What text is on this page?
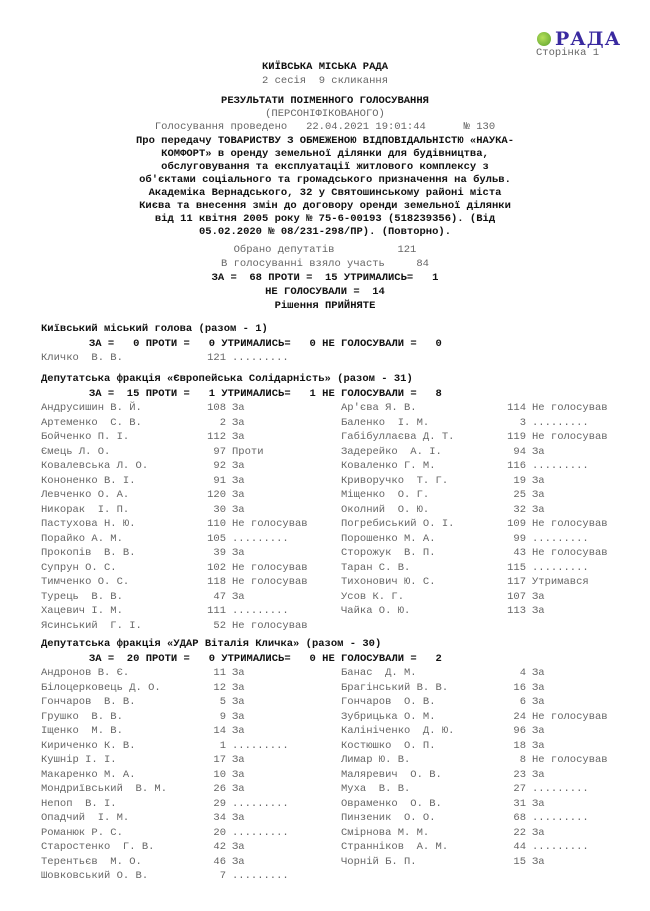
РАДА
Сторінка 1
КИЇВСЬКА МІСЬКА РАДА
2 сесія  9 скликання
РЕЗУЛЬТАТИ ПОІМЕННОГО ГОЛОСУВАННЯ
(ПЕРСОНІФІКОВАНОГО)
Голосування проведено   22.04.2021 19:01:44      № 130
Про передачу ТОВАРИСТВУ З ОБМЕЖЕНОЮ ВІДПОВІДАЛЬНІСТЮ «НАУКА-
КОМФОРТ» в оренду земельної ділянки для будівництва,
обслуговування та експлуатації житлового комплексу з
об'єктами соціального та громадського призначення на бульв.
Академіка Вернадського, 32 у Святошинському районі міста
Києва та внесення змін до договору оренди земельної ділянки
від 11 квітня 2005 року № 75-6-00193 (518239356). (Від
05.02.2020 № 08/231-298/ПР). (Повторно).
Обрано депутатів          121
В голосуванні взяло участь     84
ЗА =  68 ПРОТИ =  15 УТРИМАЛИСЬ=   1
НЕ ГОЛОСУВАЛИ =  14
Рішення ПРИЙНЯТЕ
Київський міський голова (разом - 1)
ЗА =   0 ПРОТИ =   0 УТРИМАЛИСЬ=   0 НЕ ГОЛОСУВАЛИ =   0
Кличко  В. В.	121 .........
Депутатська фракція «Європейська Солідарність» (разом - 31)
ЗА =  15 ПРОТИ =   1 УТРИМАЛИСЬ=   1 НЕ ГОЛОСУВАЛИ =   8
Андрусишин В. Й.	108 За	Ар'єва Я. В.	114 Не голосував
Артеменко  С. В.	2 За	Баленко  І. М.	3 .........
Бойченко П. І.	112 За	Габібуллаєва Д. Т.	119 Не голосував
Ємець Л. О.	97 Проти	Задерейко  А. І.	94 За
Ковалевська Л. О.	92 За	Коваленко Г. М.	116 .........
Кононенко В. І.	91 За	Криворучко  Т. Г.	19 За
Левченко О. А.	120 За	Міщенко  О. Г.	25 За
Никорак  І. П.	30 За	Околний  О. Ю.	32 За
Пастухова Н. Ю.	110 Не голосував	Погребиський О. І.	109 Не голосував
Порайко А. М.	105 .........	Порошенко М. А.	99 .........
Прокопів  В. В.	39 За	Сторожук  В. П.	43 Не голосував
Супрун О. С.	102 Не голосував	Таран С. В.	115 .........
Тимченко О. С.	118 Не голосував	Тихонович Ю. С.	117 Утримався
Турець  В. В.	47 За	Усов К. Г.	107 За
Хацевич І. М.	111 .........	Чайка О. Ю.	113 За
Ясинський  Г. І.	52 Не голосував
Депутатська фракція «УДАР Віталія Кличка» (разом - 30)
ЗА =  20 ПРОТИ =   0 УТРИМАЛИСЬ=   0 НЕ ГОЛОСУВАЛИ =   2
Андронов В. Є.	11 За	Банас  Д. М.	4 За
Білоцерковець Д. О.	12 За	Брагінський В. В.	16 За
Гончаров  В. В.	5 За	Гончаров  О. В.	6 За
Грушко  В. В.	9 За	Зубрицька О. М.	24 Не голосував
Іщенко  М. В.	14 За	Калініченко  Д. Ю.	96 За
Кириченко К. В.	1 .........	Костюшко  О. П.	18 За
Кушнір І. І.	17 За	Лимар Ю. В.	8 Не голосував
Макаренко М. А.	10 За	Маляревич  О. В.	23 За
Мондриївський  В. М.	26 За	Муха  В. В.	27 .........
Непоп  В. І.	29 .........	Овраменко  О. В.	31 За
Опадчий  І. М.	34 За	Пинзеник  О. О.	68 .........
Романюк Р. С.	20 .........	Смірнова М. М.	22 За
Старостенко  Г. В.	42 За	Странніков  А. М.	44 .........
Терентьєв  М. О.	46 За	Чорній Б. П.	15 За
Шовковський О. В.	7 .........
